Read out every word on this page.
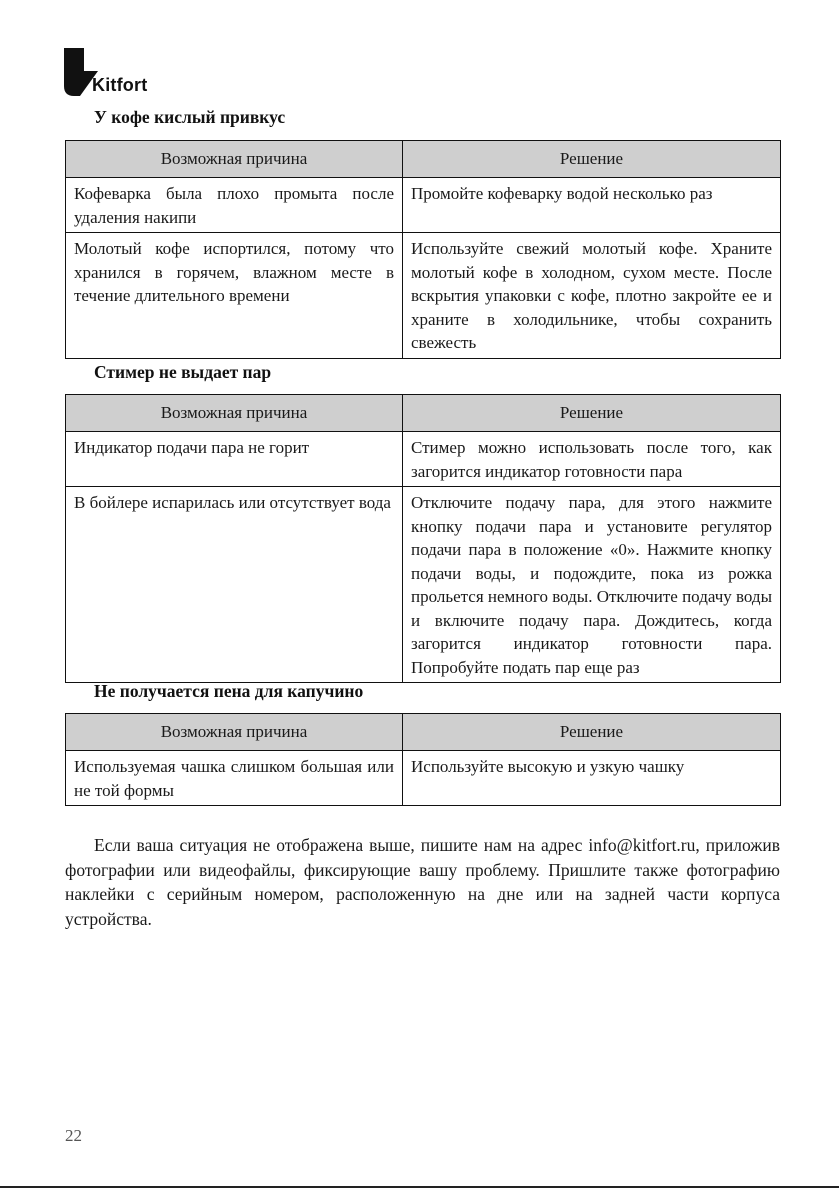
Kitfort
У кофе кислый привкус
Возможная причина	Решение
Кофеварка была плохо промыта после удаления накипи	Промойте кофеварку водой несколько раз
Молотый кофе испортился, потому что хранился в горячем, влажном месте в течение длительного времени	Используйте свежий молотый кофе. Храните молотый кофе в холодном, сухом месте. После вскрытия упаковки с кофе, плотно закройте ее и храните в холодильнике, чтобы сохранить свежесть
Стимер не выдает пар
Возможная причина	Решение
Индикатор подачи пара не горит	Стимер можно использовать после того, как загорится индикатор готовности пара
В бойлере испарилась или отсутствует вода	Отключите подачу пара, для этого нажмите кнопку подачи пара и установите регулятор подачи пара в положение «0». Нажмите кнопку подачи воды, и подождите, пока из рожка прольется немного воды. Отключите подачу воды и включите подачу пара. Дождитесь, когда загорится индикатор готовности пара. Попробуйте подать пар еще раз
Не получается пена для капучино
Возможная причина	Решение
Используемая чашка слишком большая или не той формы	Используйте высокую и узкую чашку

Если ваша ситуация не отображена выше, пишите нам на адрес info@kitfort.ru, приложив фотографии или видеофайлы, фиксирующие вашу проблему. Пришлите также фотографию наклейки с серийным номером, расположенную на дне или на задней части корпуса устройства.

22
